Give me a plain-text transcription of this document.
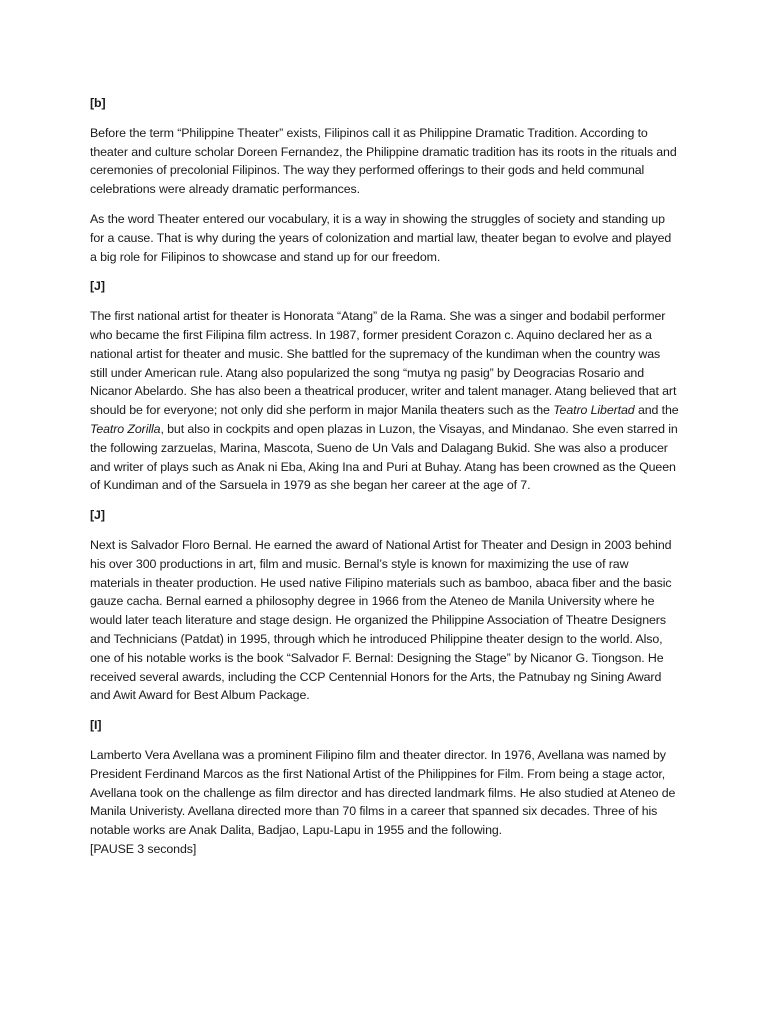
[b]

Before the term “Philippine Theater” exists, Filipinos call it as Philippine Dramatic Tradition. According to theater and culture scholar Doreen Fernandez, the Philippine dramatic tradition has its roots in the rituals and ceremonies of precolonial Filipinos. The way they performed offerings to their gods and held communal celebrations were already dramatic performances.

As the word Theater entered our vocabulary, it is a way in showing the struggles of society and standing up for a cause. That is why during the years of colonization and martial law, theater began to evolve and played a big role for Filipinos to showcase and stand up for our freedom.

[J]

The first national artist for theater is Honorata “Atang” de la Rama. She was a singer and bodabil performer who became the first Filipina film actress. In 1987, former president Corazon c. Aquino declared her as a national artist for theater and music. She battled for the supremacy of the kundiman when the country was still under American rule. Atang also popularized the song “mutya ng pasig” by Deogracias Rosario and Nicanor Abelardo. She has also been a theatrical producer, writer and talent manager. Atang believed that art should be for everyone; not only did she perform in major Manila theaters such as the Teatro Libertad and the Teatro Zorilla, but also in cockpits and open plazas in Luzon, the Visayas, and Mindanao. She even starred in the following zarzuelas, Marina, Mascota, Sueno de Un Vals and Dalagang Bukid. She was also a producer and writer of plays such as Anak ni Eba, Aking Ina and Puri at Buhay. Atang has been crowned as the Queen of Kundiman and of the Sarsuela in 1979 as she began her career at the age of 7.

[J]

Next is Salvador Floro Bernal. He earned the award of National Artist for Theater and Design in 2003 behind his over 300 productions in art, film and music. Bernal’s style is known for maximizing the use of raw materials in theater production. He used native Filipino materials such as bamboo, abaca fiber and the basic gauze cacha. Bernal earned a philosophy degree in 1966 from the Ateneo de Manila University where he would later teach literature and stage design. He organized the Philippine Association of Theatre Designers and Technicians (Patdat) in 1995, through which he introduced Philippine theater design to the world. Also, one of his notable works is the book “Salvador F. Bernal: Designing the Stage” by Nicanor G. Tiongson. He received several awards, including the CCP Centennial Honors for the Arts, the Patnubay ng Sining Award and Awit Award for Best Album Package.

[I]

Lamberto Vera Avellana was a prominent Filipino film and theater director. In 1976, Avellana was named by President Ferdinand Marcos as the first National Artist of the Philippines for Film. From being a stage actor, Avellana took on the challenge as film director and has directed landmark films. He also studied at Ateneo de Manila Univeristy. Avellana directed more than 70 films in a career that spanned six decades. Three of his notable works are Anak Dalita, Badjao, Lapu-Lapu in 1955 and the following.
[PAUSE 3 seconds]
